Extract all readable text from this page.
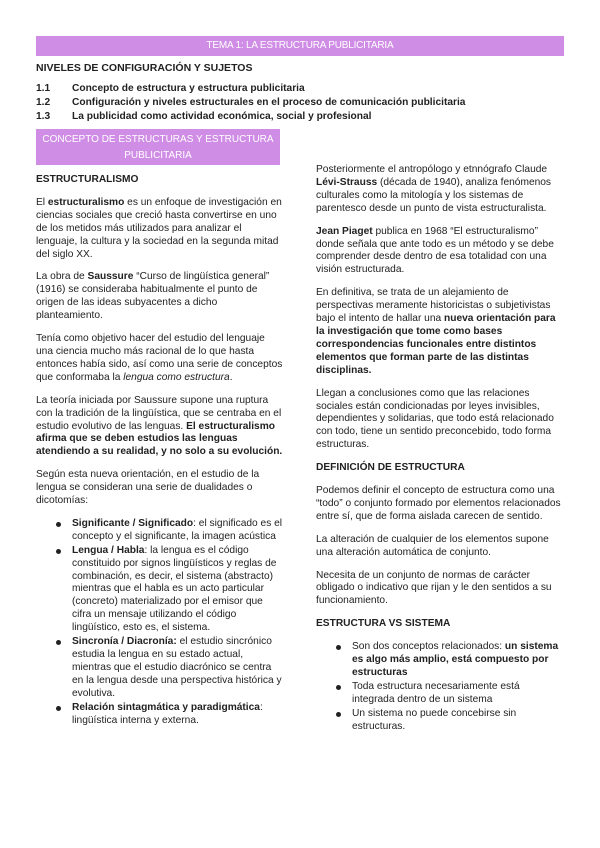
TEMA 1: LA ESTRUCTURA PUBLICITARIA
NIVELES DE CONFIGURACIÓN Y SUJETOS
1.1 Concepto de estructura y estructura publicitaria
1.2 Configuración y niveles estructurales en el proceso de comunicación publicitaria
1.3 La publicidad como actividad económica, social y profesional
CONCEPTO DE ESTRUCTURAS Y ESTRUCTURA
PUBLICITARIA
ESTRUCTURALISMO

El estructuralismo es un enfoque de investigación en ciencias sociales que creció hasta convertirse en uno de los metidos más utilizados para analizar el lenguaje, la cultura y la sociedad en la segunda mitad del siglo XX.

La obra de Saussure “Curso de lingüística general” (1916) se consideraba habitualmente el punto de origen de las ideas subyacentes a dicho planteamiento.

Tenía como objetivo hacer del estudio del lenguaje una ciencia mucho más racional de lo que hasta entonces había sido, así como una serie de conceptos que conformaba la lengua como estructura.

La teoría iniciada por Saussure supone una ruptura con la tradición de la lingüística, que se centraba en el estudio evolutivo de las lenguas. El estructuralismo afirma que se deben estudios las lenguas atendiendo a su realidad, y no solo a su evolución.

Según esta nueva orientación, en el estudio de la lengua se consideran una serie de dualidades o dicotomías:

Significante / Significado: el significado es el concepto y el significante, la imagen acústica
Lengua / Habla: la lengua es el código constituido por signos lingüísticos y reglas de combinación, es decir, el sistema (abstracto) mientras que el habla es un acto particular (concreto) materializado por el emisor que cifra un mensaje utilizando el código lingüístico, esto es, el sistema.
Sincronía / Diacronía: el estudio sincrónico estudia la lengua en su estado actual, mientras que el estudio diacrónico se centra en la lengua desde una perspectiva histórica y evolutiva.
Relación sintagmática y paradigmática: lingüística interna y externa.

Posteriormente el antropólogo y etnnógrafo Claude Lévi-Strauss (década de 1940), analiza fenómenos culturales como la mitología y los sistemas de parentesco desde un punto de vista estructuralista.

Jean Piaget publica en 1968 “El estructuralismo” donde señala que ante todo es un método y se debe comprender desde dentro de esa totalidad con una visión estructurada.

En definitiva, se trata de un alejamiento de perspectivas meramente historicistas o subjetivistas bajo el intento de hallar una nueva orientación para la investigación que tome como bases correspondencias funcionales entre distintos elementos que forman parte de las distintas disciplinas.

Llegan a conclusiones como que las relaciones sociales están condicionadas por leyes invisibles, dependientes y solidarias, que todo está relacionado con todo, tiene un sentido preconcebido, todo forma estructuras.

DEFINICIÓN DE ESTRUCTURA

Podemos definir el concepto de estructura como una “todo” o conjunto formado por elementos relacionados entre sí, que de forma aislada carecen de sentido.

La alteración de cualquier de los elementos supone una alteración automática de conjunto.

Necesita de un conjunto de normas de carácter obligado o indicativo que rijan y le den sentidos a su funcionamiento.

ESTRUCTURA VS SISTEMA
Son dos conceptos relacionados: un sistema es algo más amplio, está compuesto por estructuras
Toda estructura necesariamente está integrada dentro de un sistema
Un sistema no puede concebirse sin estructuras.
